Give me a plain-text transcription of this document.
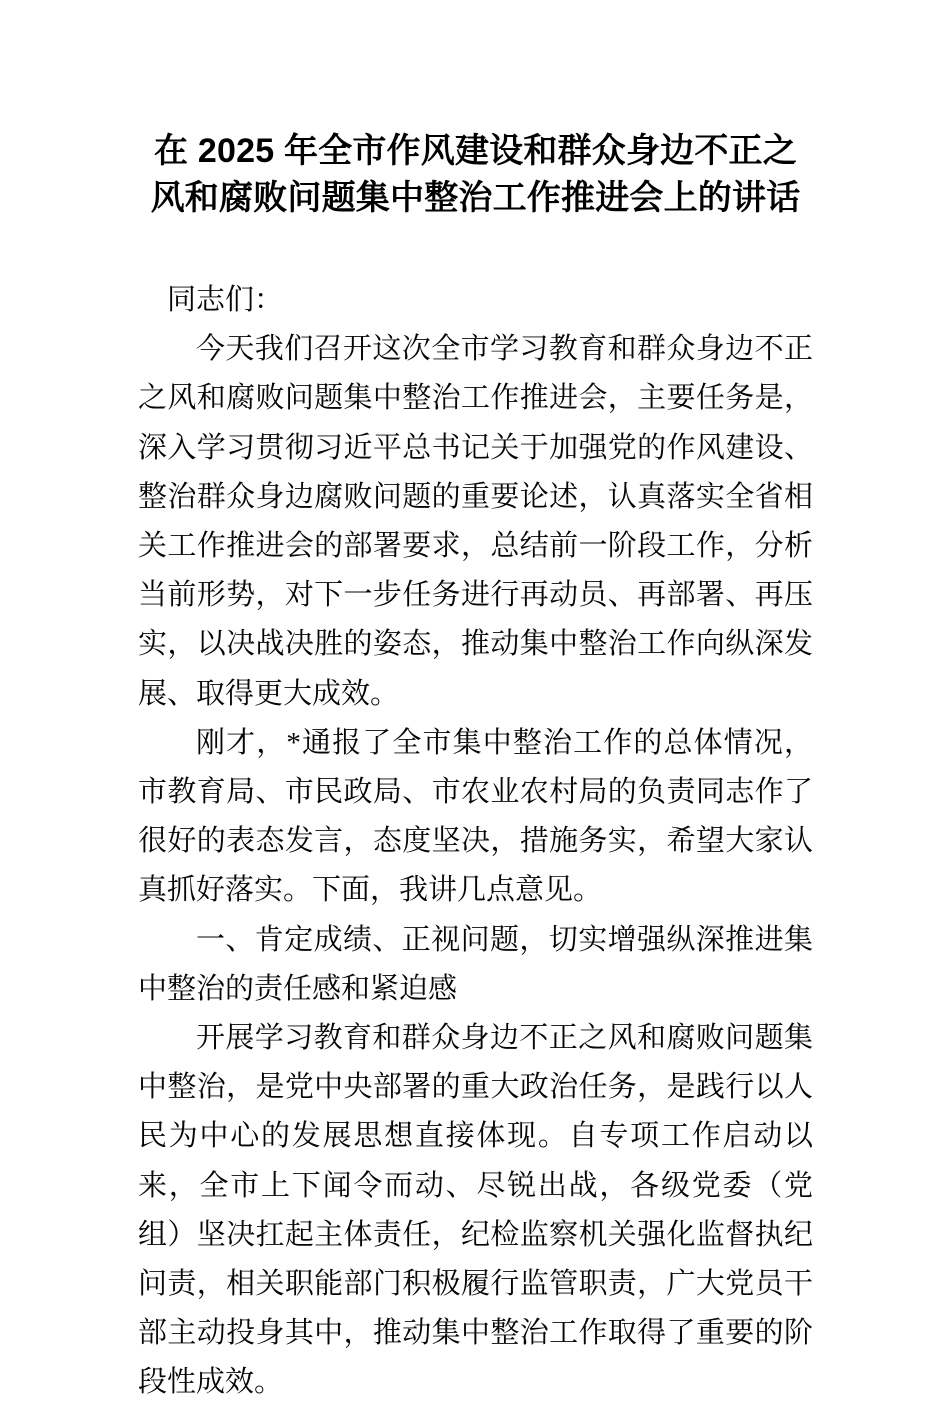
在 2025 年全市作风建设和群众身边不正之风和腐败问题集中整治工作推进会上的讲话

同志们：

今天我们召开这次全市学习教育和群众身边不正之风和腐败问题集中整治工作推进会，主要任务是，深入学习贯彻习近平总书记关于加强党的作风建设、整治群众身边腐败问题的重要论述，认真落实全省相关工作推进会的部署要求，总结前一阶段工作，分析当前形势，对下一步任务进行再动员、再部署、再压实，以决战决胜的姿态，推动集中整治工作向纵深发展、取得更大成效。

刚才，*通报了全市集中整治工作的总体情况，市教育局、市民政局、市农业农村局的负责同志作了很好的表态发言，态度坚决，措施务实，希望大家认真抓好落实。下面，我讲几点意见。

一、肯定成绩、正视问题，切实增强纵深推进集中整治的责任感和紧迫感

开展学习教育和群众身边不正之风和腐败问题集中整治，是党中央部署的重大政治任务，是践行以人民为中心的发展思想直接体现。自专项工作启动以来，全市上下闻令而动、尽锐出战，各级党委（党组）坚决扛起主体责任，纪检监察机关强化监督执纪问责，相关职能部门积极履行监管职责，广大党员干部主动投身其中，推动集中整治工作取得了重要的阶段性成效。
